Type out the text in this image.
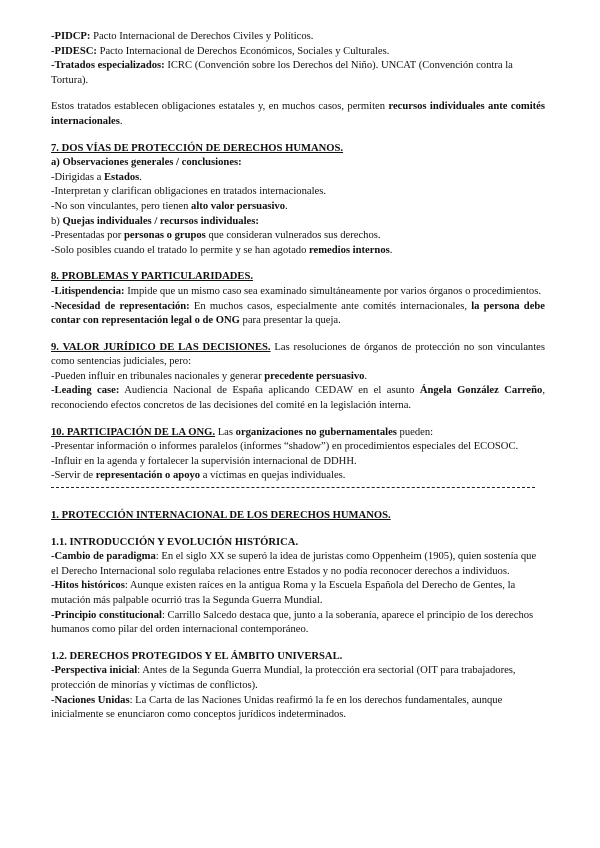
-PIDCP: Pacto Internacional de Derechos Civiles y Políticos.

-PIDESC: Pacto Internacional de Derechos Económicos, Sociales y Culturales.

-Tratados especializados: ICRC (Convención sobre los Derechos del Niño). UNCAT (Convención contra la Tortura).

Estos tratados establecen obligaciones estatales y, en muchos casos, permiten recursos individuales ante comités internacionales.

7. DOS VÍAS DE PROTECCIÓN DE DERECHOS HUMANOS.

a) Observaciones generales / conclusiones:

-Dirigidas a Estados.

-Interpretan y clarifican obligaciones en tratados internacionales.

-No son vinculantes, pero tienen alto valor persuasivo.

b) Quejas individuales / recursos individuales:

-Presentadas por personas o grupos que consideran vulnerados sus derechos.

-Solo posibles cuando el tratado lo permite y se han agotado remedios internos.

8. PROBLEMAS Y PARTICULARIDADES.

-Litispendencia: Impide que un mismo caso sea examinado simultáneamente por varios órganos o procedimientos.

-Necesidad de representación: En muchos casos, especialmente ante comités internacionales, la persona debe contar con representación legal o de ONG para presentar la queja.

9. VALOR JURÍDICO DE LAS DECISIONES. Las resoluciones de órganos de protección no son vinculantes como sentencias judiciales, pero:

-Pueden influir en tribunales nacionales y generar precedente persuasivo.

-Leading case: Audiencia Nacional de España aplicando CEDAW en el asunto Ángela González Carreño, reconociendo efectos concretos de las decisiones del comité en la legislación interna.

10. PARTICIPACIÓN DE LA ONG. Las organizaciones no gubernamentales pueden:

-Presentar información o informes paralelos (informes “shadow”) en procedimientos especiales del ECOSOC.

-Influir en la agenda y fortalecer la supervisión internacional de DDHH.

-Servir de representación o apoyo a víctimas en quejas individuales.

1. PROTECCIÓN INTERNACIONAL DE LOS DERECHOS HUMANOS.

1.1. INTRODUCCIÓN Y EVOLUCIÓN HISTÓRICA.

-Cambio de paradigma: En el siglo XX se superó la idea de juristas como Oppenheim (1905), quien sostenía que el Derecho Internacional solo regulaba relaciones entre Estados y no podía reconocer derechos a individuos.

-Hitos históricos: Aunque existen raíces en la antigua Roma y la Escuela Española del Derecho de Gentes, la mutación más palpable ocurrió tras la Segunda Guerra Mundial.

-Principio constitucional: Carrillo Salcedo destaca que, junto a la soberanía, aparece el principio de los derechos humanos como pilar del orden internacional contemporáneo.

1.2. DERECHOS PROTEGIDOS Y EL ÁMBITO UNIVERSAL.

-Perspectiva inicial: Antes de la Segunda Guerra Mundial, la protección era sectorial (OIT para trabajadores, protección de minorías y víctimas de conflictos).

-Naciones Unidas: La Carta de las Naciones Unidas reafirmó la fe en los derechos fundamentales, aunque inicialmente se enunciaron como conceptos jurídicos indeterminados.
